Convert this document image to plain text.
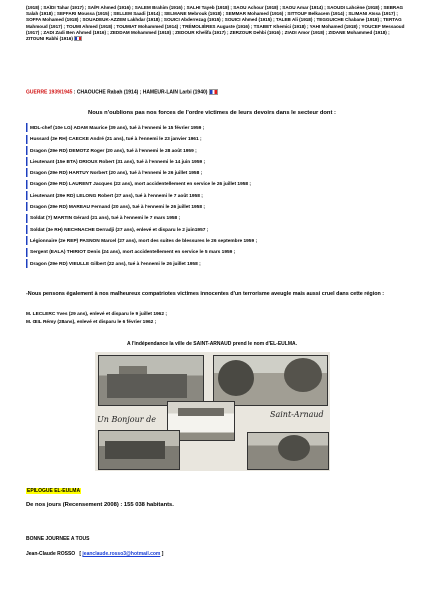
(1918) ; SAÏDI Tahar (1917) ; SAÏFI Ahmed (1916) ; SALEM Brahim (1916) ; SALHI Tayeb (1918) ; SAOU Achour (1918) ; SAOU Amar (1914) ; SAOUDI Lahcène (1918) ; SEBRAG Salah (1918) ; SEFFARI Moussa (1915) ; SELLEM Saadi (1914) ; SELMANE Mebrouk (1918) ; SEMMAR Mohamed (1916) ; SITTOUF Belkacem (1914) ; SLIMANI Aïssa (1917) ; SOFFA Mohamed (1918) ; SOUADEUK-AZZEM Lakhdar (1918) ; SOUICI Abderrezag (1915) ; SOUICI Ahmed (1915) ; TALEB Ali (1918) ; TEGGUICHE Chabane (1918) ; TERTAG Mahmoud (1917) ; TOUMI Ahmed (1918) ; TOUMIAT Mohammed (1914) ; TRÉMOLIÈRES Auguste (1916) ; TSABET Khemici (1918) ; YAHI Mohamed (1918) ; YOUCEF Messaoud (1917) ; ZADI Zadi Ben Ahmed (1916) ; ZEDDAM Mohammed (1918) ; ZEDOUR Khelifa (1917) ; ZERZOUR Dehbi (1916) ; ZIADI Amor (1918) ; ZIDANE Mohammed (1918) ; ZITOUNI Rabhi (1916)
GUERRE 1939/1945 : CHAOUCHE Rabah (1914) ; HAMEUR-LAIN Larbi (1940)
Nous n'oublions pas nos forces de l'ordre victimes de leurs devoirs dans le secteur dont :
MDL-chef (10e LG) ADAM Maurice (39 ans), tué à l'ennemi le 15 février 1959 ;
Hussard (3e RH) CAECKE André (21 ans), tué à l'ennemi le 23 janvier 1961 ;
Dragon (29e RD) DEMOTZ Roger (20 ans), tué à l'ennemi le 28 août 1959 ;
Lieutenant (15e BTA) DRIOUX Robert (31 ans), tué à l'ennemi le 14 juin 1959 ;
Dragon (29e RD) HARTUY Norbert (20 ans), tué à l'ennemi le 26 juillet 1958 ;
Dragon (29e RD) LAURENT Jacques (22 ans), mort accidentellement en service le 26 juillet 1958 ;
Lieutenant (29e RD) LELONG Robert (27 ans), tué à l'ennemi le 7 août 1958 ;
Dragon (29e RD) MAREAU Fernand (20 ans), tué à l'ennemi le 26 juillet 1958 ;
Soldat (?) MARTIN Gérard (21 ans), tué à l'ennemi le 7 mars 1958 ;
Soldat (3e RH) NECHNACHE Derradji (27 ans), enlevé et disparu le 2 juin1957 ;
Légionnaire (2e REP) PASNON Marcel (27 ans), mort des suites de blessures le 26 septembre 1959 ;
Sergent (EALA) THIRIOT Denis (24 ans), mort accidentellement en service le 5 mars 1959 ;
Dragon (29e RD) VIEULLE Gilbert (22 ans), tué à l'ennemi le 26 juillet 1958 ;
-Nous pensons également à nos malheureux compatriotes victimes innocentes d'un terrorisme aveugle mais aussi cruel dans cette région :
M. LECLERC Yves (29 ans), enlevé et disparu le 9 juillet 1962 ;
M. ŒIL Rémy (28ans), enlevé et disparu le 6 février 1962 ;
A l'indépendance la ville de SAINT-ARNAUD prend le nom d'EL-EULMA.
Un Bonjour de
Saint-Arnaud
EPILOGUE EL-EULMA
De nos jours (Recensement 2008) : 155 038 habitants.
BONNE JOURNEE A TOUS
Jean-Claude ROSSO [ jeanclaude.rosso3@hotmail.com ]
